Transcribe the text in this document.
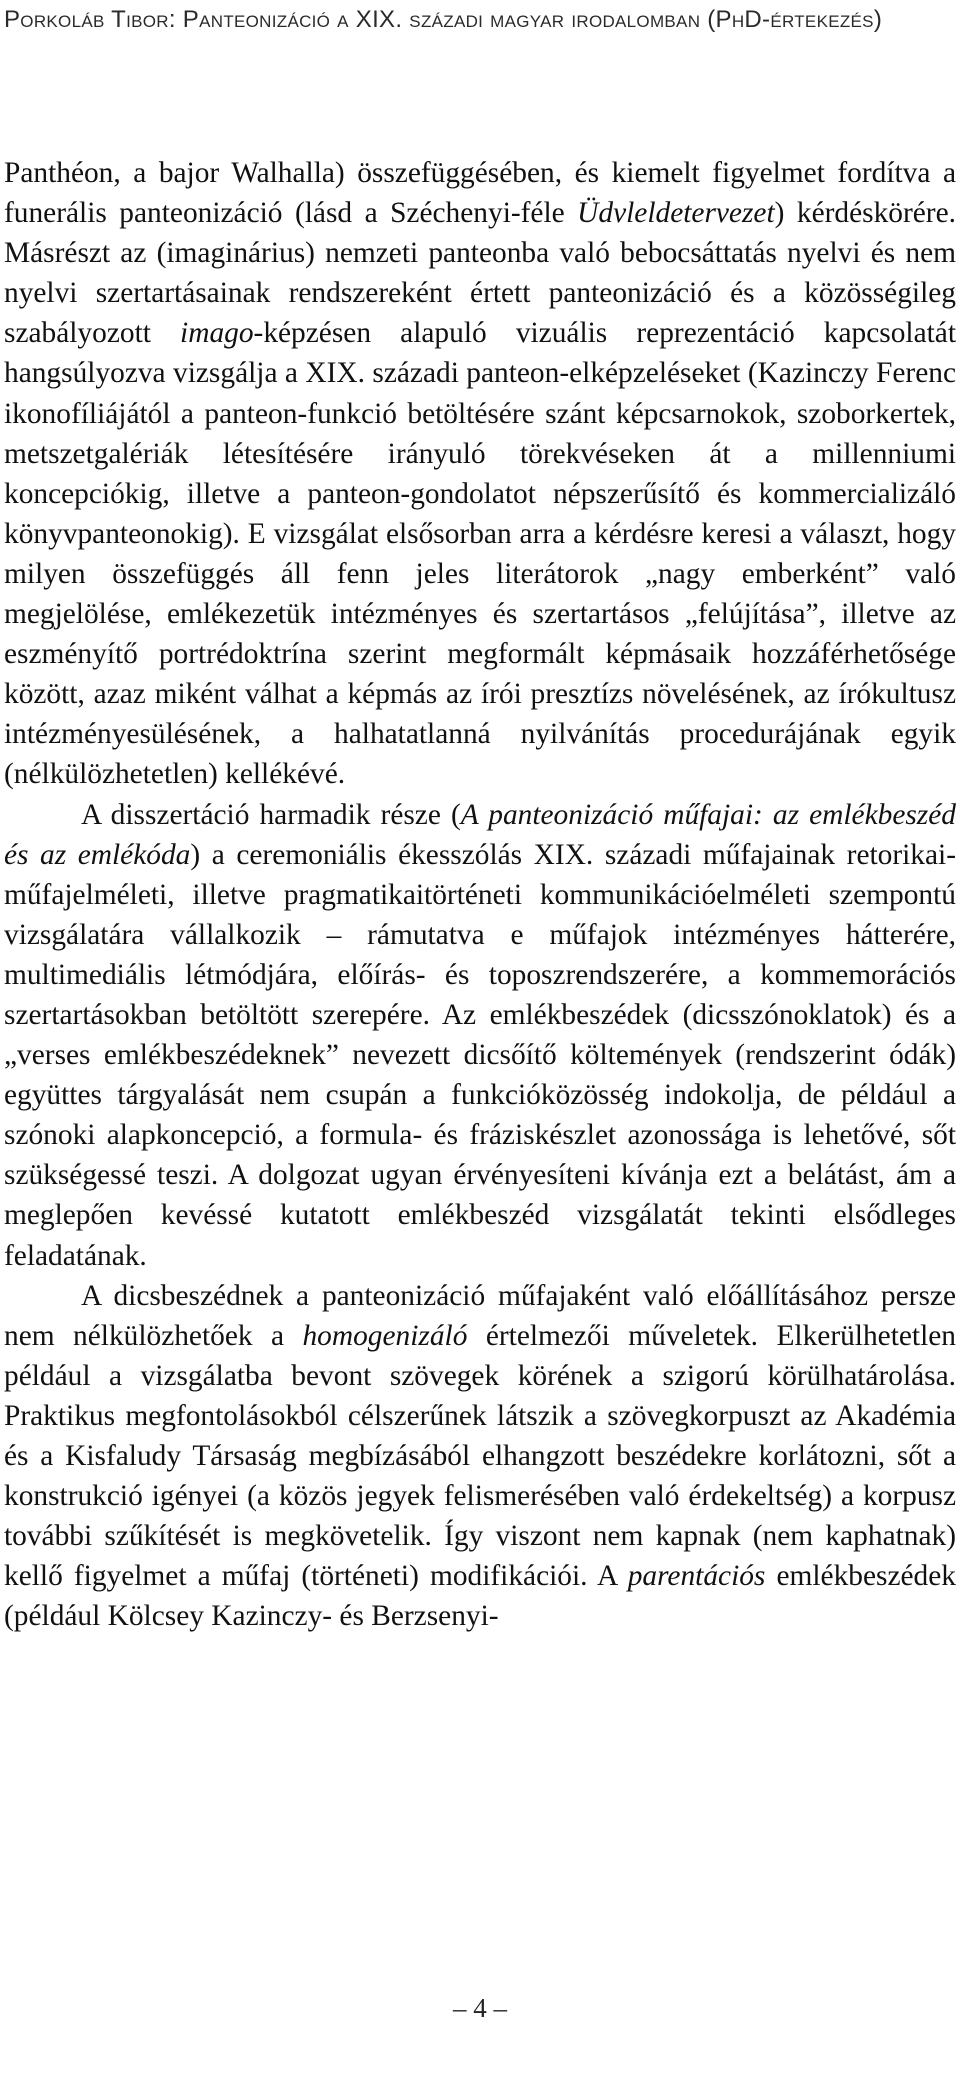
Porkoláb Tibor: Panteonizáció a XIX. századi magyar irodalomban (PhD-értekezés)

Panthéon, a bajor Walhalla) összefüggésében, és kiemelt figyelmet fordítva a funerális panteonizáció (lásd a Széchenyi-féle Üdvleldetervezet) kérdéskörére. Másrészt az (imaginárius) nemzeti panteonba való bebocsáttatás nyelvi és nem nyelvi szertartásainak rendszereként értett panteonizáció és a közösségileg szabályozott imago-képzésen alapuló vizuális reprezentáció kapcsolatát hangsúlyozva vizsgálja a XIX. századi panteon-elképzeléseket (Kazinczy Ferenc ikonofíliájától a panteon-funkció betöltésére szánt képcsarnokok, szoborkertek, metszetgalériák létesítésére irányuló törekvéseken át a millenniumi koncepciókig, illetve a panteon-gondolatot népszerűsítő és kommercializáló könyvpanteonokig). E vizsgálat elsősorban arra a kérdésre keresi a választ, hogy milyen összefüggés áll fenn jeles literátorok „nagy emberként” való megjelölése, emlékezetük intézményes és szertartásos „felújítása”, illetve az eszményítő portrédoktrína szerint megformált képmásaik hozzáférhetősége között, azaz miként válhat a képmás az írói presztízs növelésének, az írókultusz intézményesülésének, a halhatatlanná nyilvánítás procedurájának egyik (nélkülözhetetlen) kellékévé.

A disszertáció harmadik része (A panteonizáció műfajai: az emlékbeszéd és az emlékóda) a ceremoniális ékesszólás XIX. századi műfajainak retorikai-műfajelméleti, illetve pragmatikaitörténeti kommunikációelméleti szempontú vizsgálatára vállalkozik – rámutatva e műfajok intézményes hátterére, multimediális létmódjára, előírás- és toposzrendszerére, a kommemorációs szertartásokban betöltött szerepére. Az emlékbeszédek (dicsszónoklatok) és a „verses emlékbeszédeknek” nevezett dicsőítő költemények (rendszerint ódák) együttes tárgyalását nem csupán a funkcióközösség indokolja, de például a szónoki alapkoncepció, a formula- és fráziskészlet azonossága is lehetővé, sőt szükségessé teszi. A dolgozat ugyan érvényesíteni kívánja ezt a belátást, ám a meglepően kevéssé kutatott emlékbeszéd vizsgálatát tekinti elsődleges feladatának.

A dicsbeszédnek a panteonizáció műfajaként való előállításához persze nem nélkülözhetőek a homogenizáló értelmezői műveletek. Elkerülhetetlen például a vizsgálatba bevont szövegek körének a szigorú körülhatárolása. Praktikus megfontolásokból célszerűnek látszik a szövegkorpuszt az Akadémia és a Kisfaludy Társaság megbízásából elhangzott beszédekre korlátozni, sőt a konstrukció igényei (a közös jegyek felismerésében való érdekeltség) a korpusz további szűkítését is megkövetelik. Így viszont nem kapnak (nem kaphatnak) kellő figyelmet a műfaj (történeti) modifikációi. A parentációs emlékbeszédek (például Kölcsey Kazinczy- és Berzsenyi-

– 4 –
